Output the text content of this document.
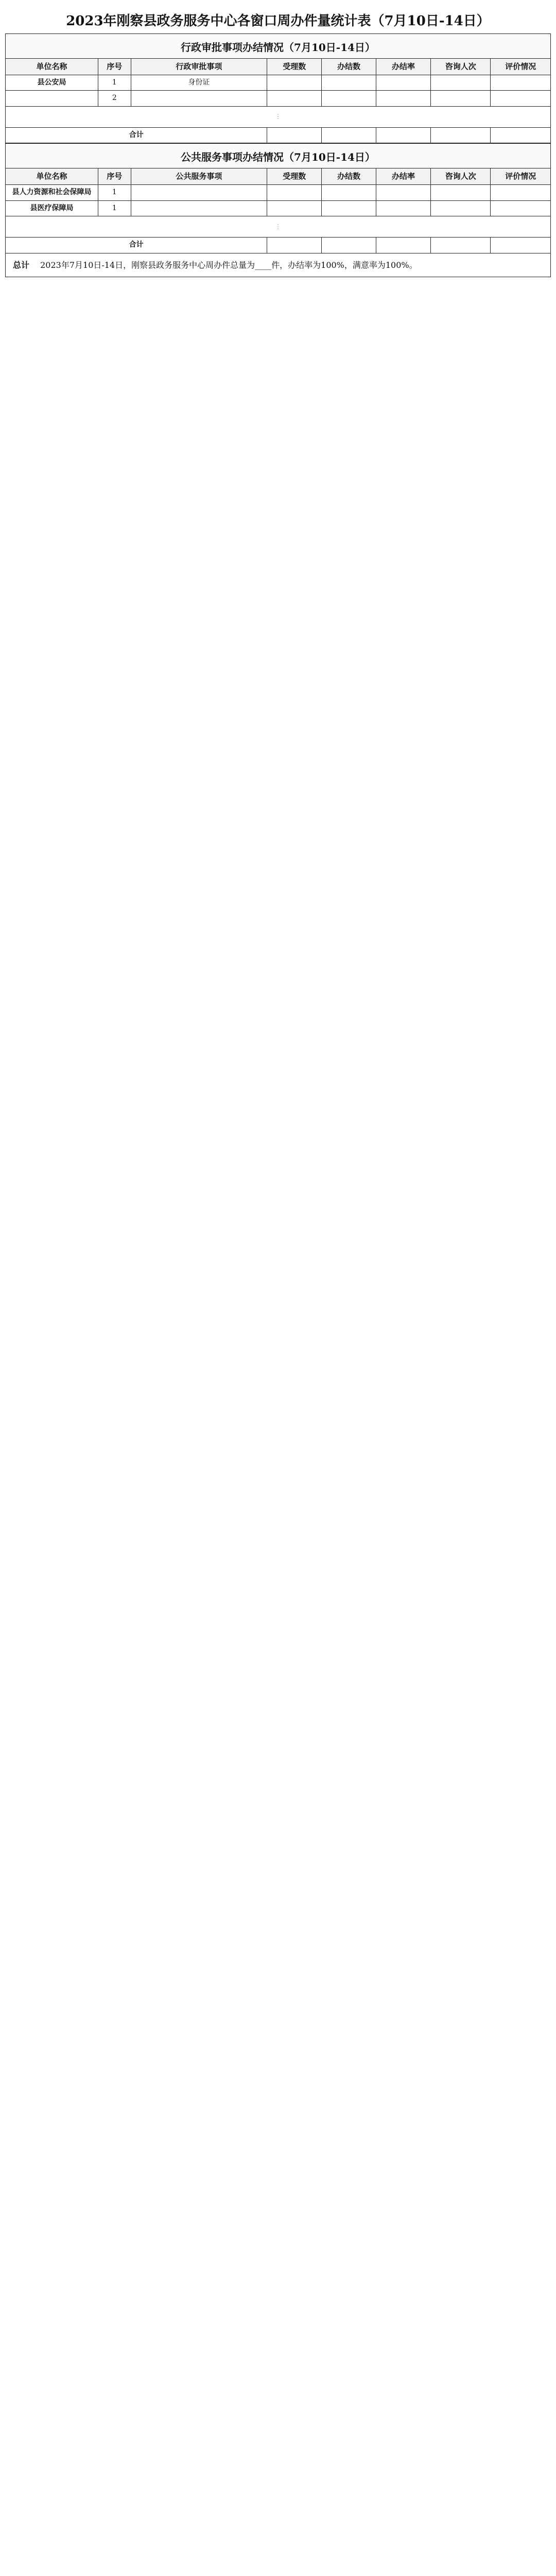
2023年刚察县政务服务中心各窗口周办件量统计表（7月10日-14日）
行政审批事项办结情况（7月10日-14日）
单位名称	序号	行政审批事项	受理数	办结数	办结率	咨询人次	评价情况
县公安局	1	身份证					
	2						
⋮							
合计							
公共服务事项办结情况（7月10日-14日）
单位名称	序号	公共服务事项	受理数	办结数	办结率	咨询人次	评价情况
县人力资源和社会保障局	1						
县医疗保障局	1						
⋮							
合计							
总计 2023年7月10日-14日，刚察县政务服务中心周办件总量为____件，办结率为100%，满意率为100%。
